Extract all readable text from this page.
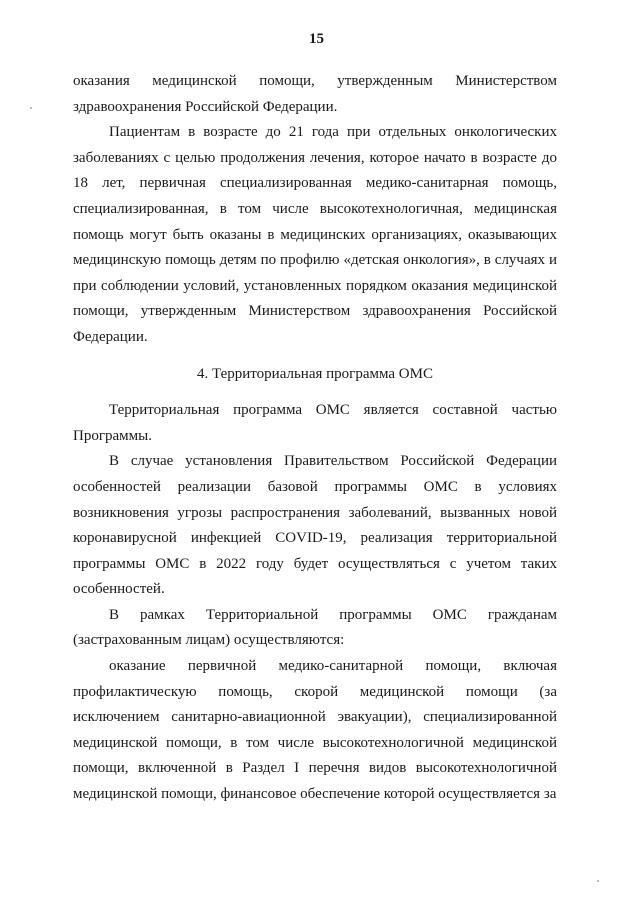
15

оказания медицинской помощи, утвержденным Министерством здравоохранения Российской Федерации.

Пациентам в возрасте до 21 года при отдельных онкологических заболеваниях с целью продолжения лечения, которое начато в возрасте до 18 лет, первичная специализированная медико-санитарная помощь, специализированная, в том числе высокотехнологичная, медицинская помощь могут быть оказаны в медицинских организациях, оказывающих медицинскую помощь детям по профилю «детская онкология», в случаях и при соблюдении условий, установленных порядком оказания медицинской помощи, утвержденным Министерством здравоохранения Российской Федерации.

4. Территориальная программа ОМС

Территориальная программа ОМС является составной частью Программы.

В случае установления Правительством Российской Федерации особенностей реализации базовой программы ОМС в условиях возникновения угрозы распространения заболеваний, вызванных новой коронавирусной инфекцией COVID-19, реализация территориальной программы ОМС в 2022 году будет осуществляться с учетом таких особенностей.

В рамках Территориальной программы ОМС гражданам (застрахованным лицам) осуществляются:

оказание первичной медико-санитарной помощи, включая профилактическую помощь, скорой медицинской помощи (за исключением санитарно-авиационной эвакуации), специализированной медицинской помощи, в том числе высокотехнологичной медицинской помощи, включенной в Раздел I перечня видов высокотехнологичной медицинской помощи, финансовое обеспечение которой осуществляется за
